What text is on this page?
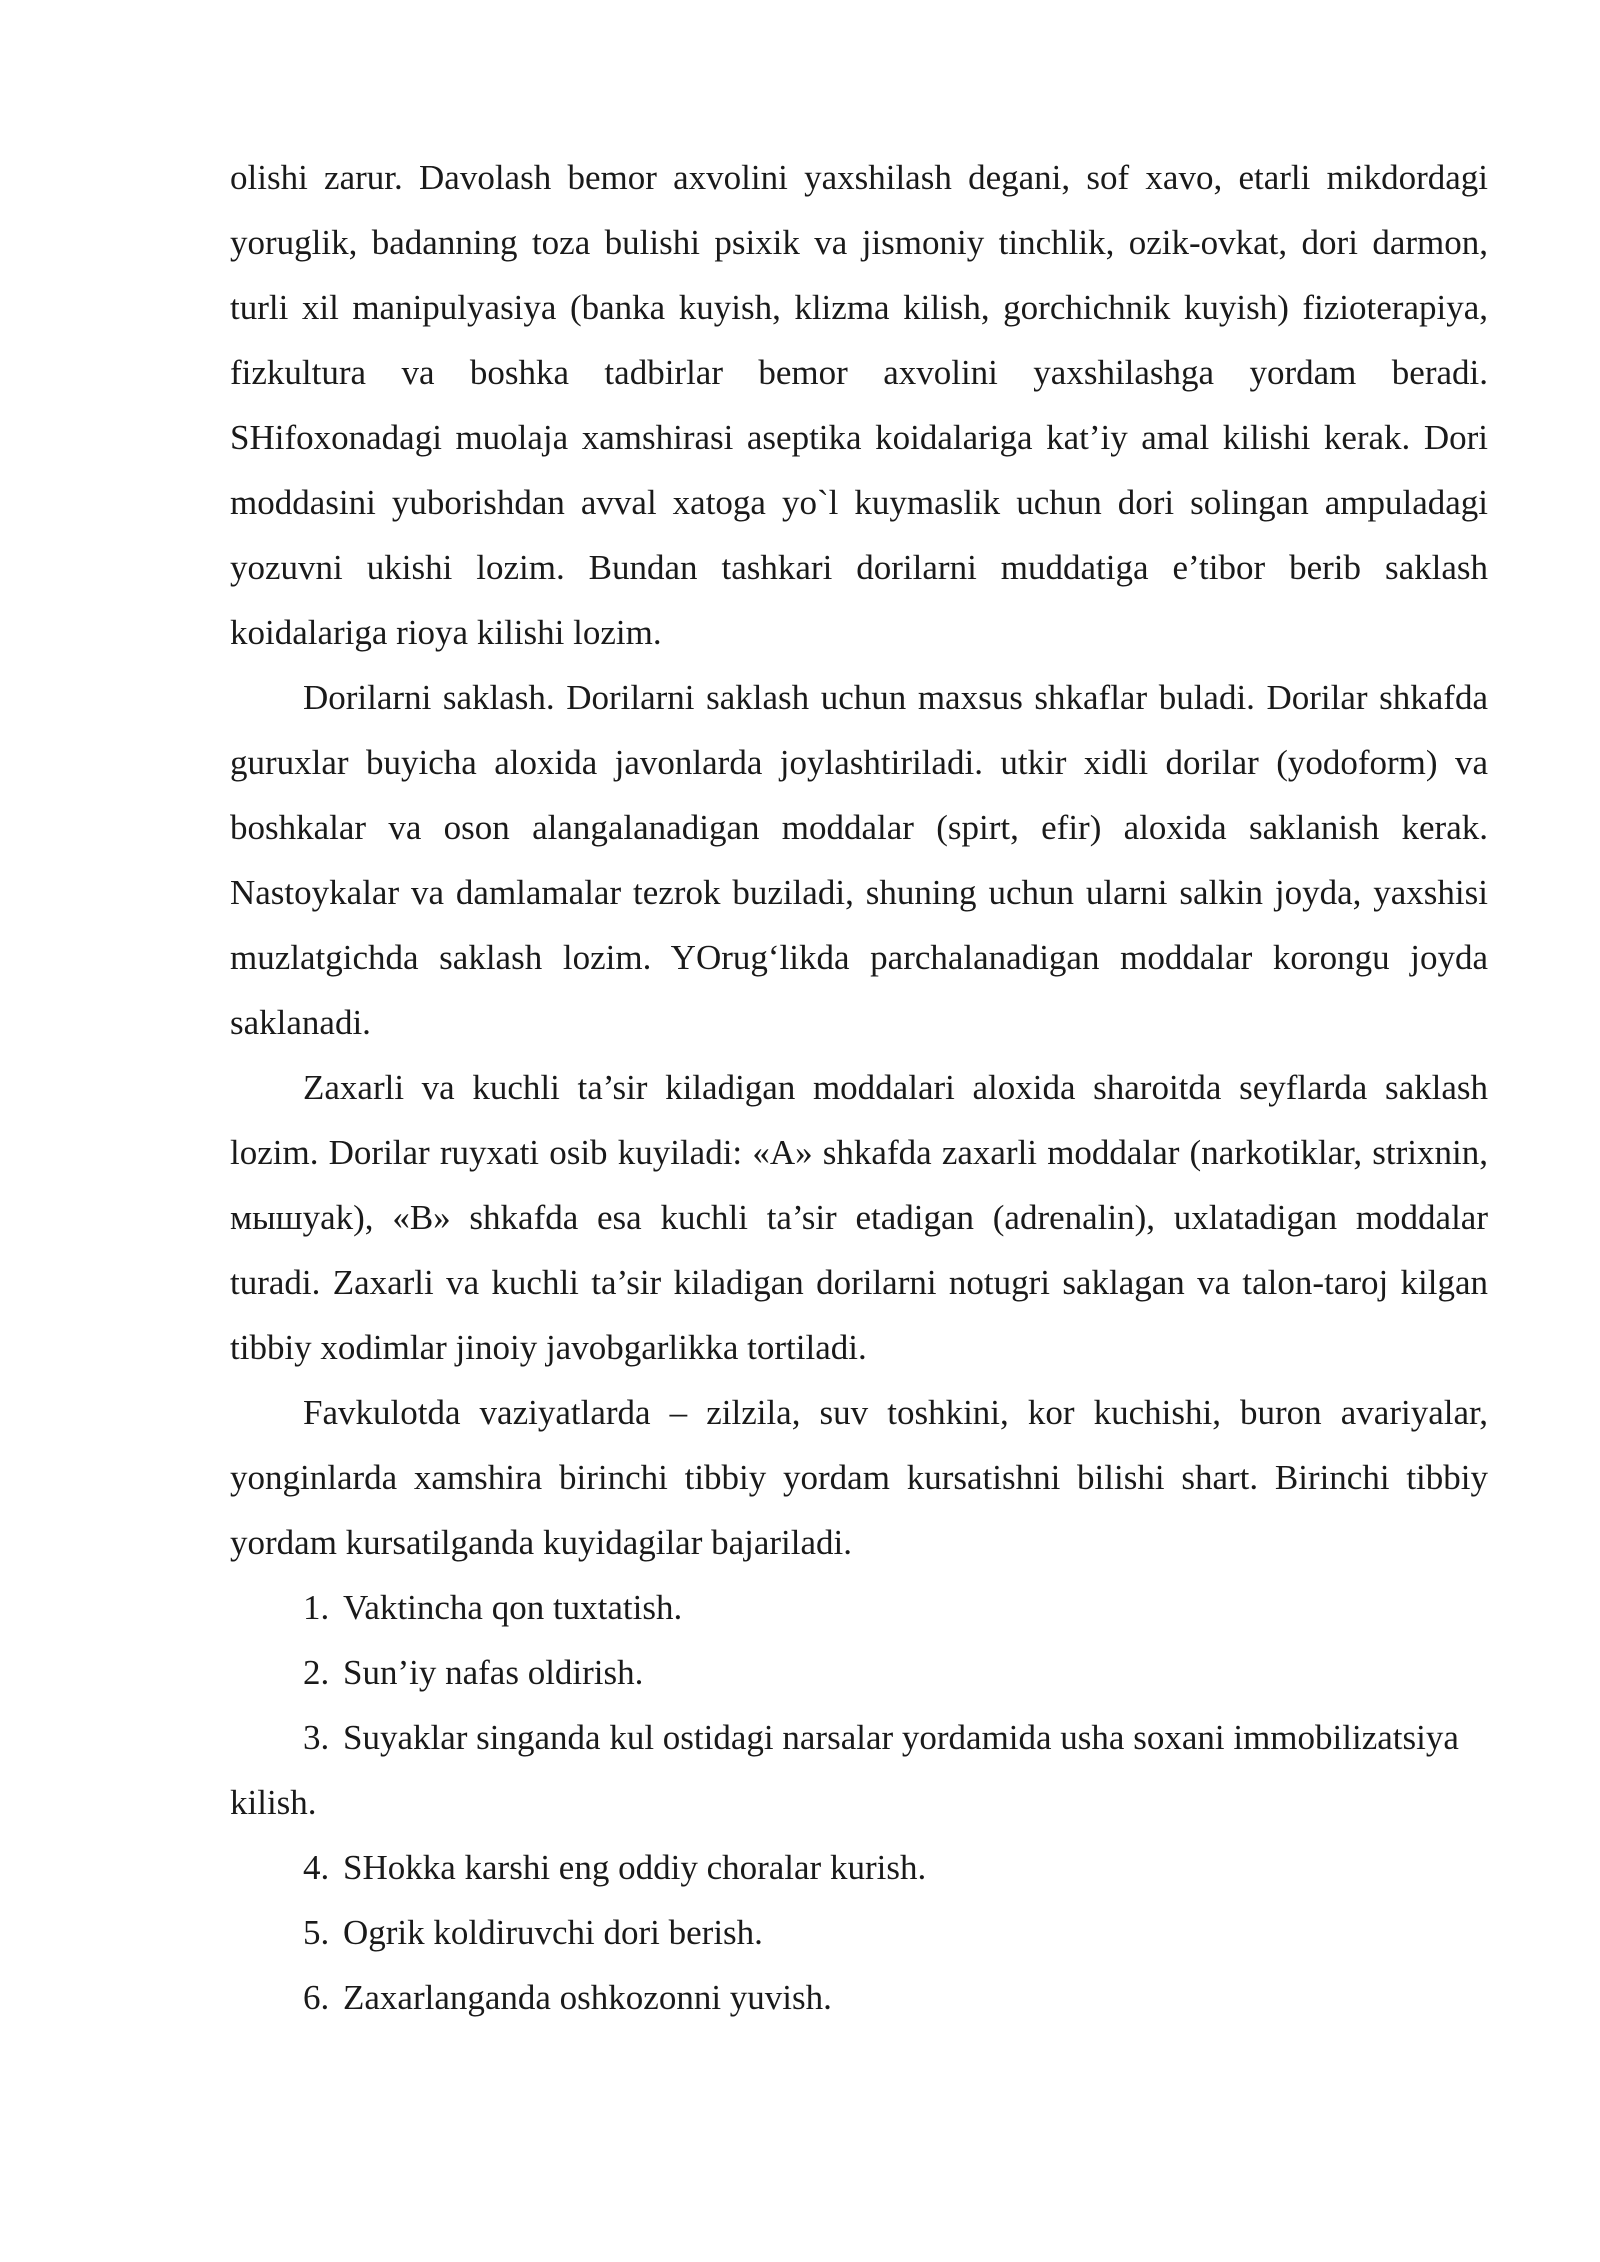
olishi zarur. Davolash bemor axvolini yaxshilash degani, sof xavo, etarli mikdordagi yoruglik, badanning toza bulishi psixik va jismoniy tinchlik, ozik-ovkat, dori darmon, turli xil manipulyasiya (banka kuyish, klizma kilish, gorchichnik kuyish) fizioterapiya, fizkultura va boshka tadbirlar bemor axvolini yaxshilashga yordam beradi. SHifoxonadagi muolaja xamshirasi aseptika koidalariga kat’iy amal kilishi kerak. Dori moddasini yuborishdan avval xatoga yo`l kuymaslik uchun dori solingan ampuladagi yozuvni ukishi lozim. Bundan tashkari dorilarni muddatiga e’tibor berib saklash koidalariga rioya kilishi lozim.

Dorilarni saklash. Dorilarni saklash uchun maxsus shkaflar buladi. Dorilar shkafda guruxlar buyicha aloxida javonlarda joylashtiriladi. utkir xidli dorilar (yodoform) va boshkalar va oson alangalanadigan moddalar (spirt, efir) aloxida saklanish kerak. Nastoykalar va damlamalar tezrok buziladi, shuning uchun ularni salkin joyda, yaxshisi muzlatgichda saklash lozim. YOrug‘likda parchalanadigan moddalar korongu joyda saklanadi.

Zaxarli va kuchli ta’sir kiladigan moddalari aloxida sharoitda seyflarda saklash lozim. Dorilar ruyxati osib kuyiladi: «A» shkafda zaxarli moddalar (narkotiklar, strixnin, мышyak), «B» shkafda esa kuchli ta’sir etadigan (adrenalin), uxlatadigan moddalar turadi. Zaxarli va kuchli ta’sir kiladigan dorilarni notugri saklagan va talon-taroj kilgan tibbiy xodimlar jinoiy javobgarlikka tortiladi.

Favkulotda vaziyatlarda – zilzila, suv toshkini, kor kuchishi, buron avariyalar, yonginlarda xamshira birinchi tibbiy yordam kursatishni bilishi shart. Birinchi tibbiy yordam kursatilganda kuyidagilar bajariladi.

1. Vaktincha qon tuxtatish.
2. Sun’iy nafas oldirish.
3. Suyaklar singanda kul ostidagi narsalar yordamida usha soxani immobilizatsiya kilish.
4. SHokka karshi eng oddiy choralar kurish.
5. Ogrik koldiruvchi dori berish.
6. Zaxarlanganda oshkozonni yuvish.
